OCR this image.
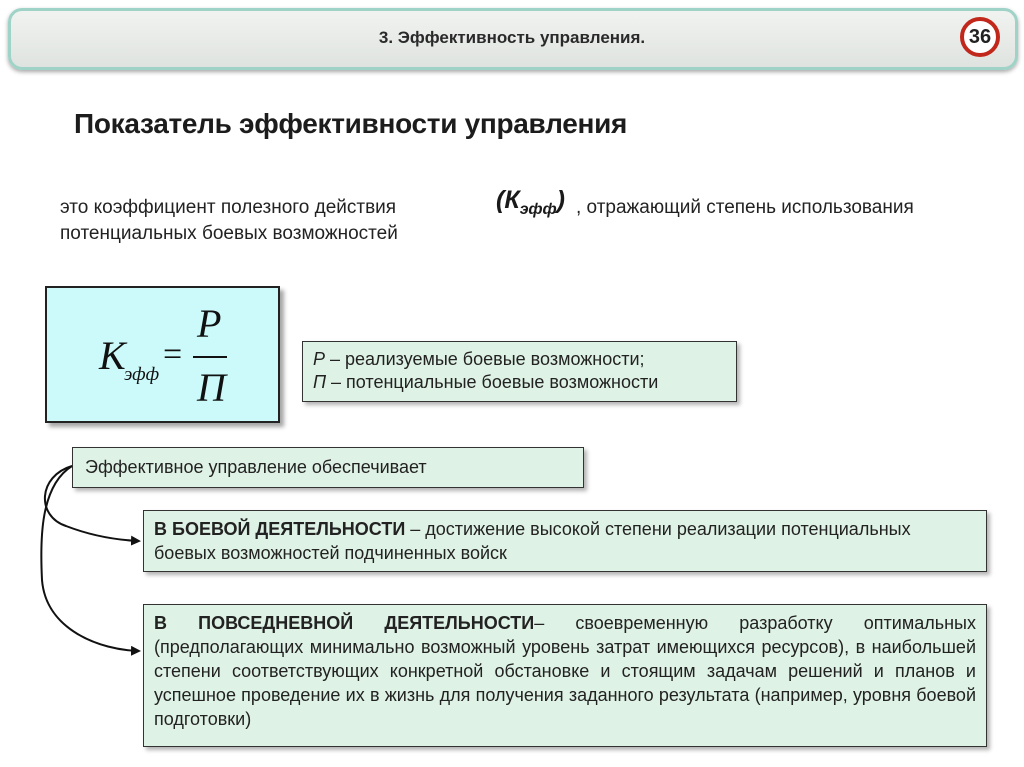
3. Эффективность управления.	36
Показатель эффективности управления
это коэффициент полезного действия	$(К_{эфф})$ , отражающий степень использования
потенциальных боевых возможностей
К
эфф
=
Р
П
Р – реализуемые боевые возможности;
П – потенциальные боевые возможности
Эффективное управление обеспечивает
В БОЕВОЙ ДЕЯТЕЛЬНОСТИ – достижение высокой степени реализации потенциальных боевых возможностей подчиненных войск
В ПОВСЕДНЕВНОЙ ДЕЯТЕЛЬНОСТИ– своевременную разработку оптимальных (предполагающих минимально возможный уровень затрат имеющихся ресурсов), в наибольшей степени соответствующих конкретной обстановке и стоящим задачам решений и планов и успешное проведение их в жизнь для получения заданного результата (например, уровня боевой подготовки)
